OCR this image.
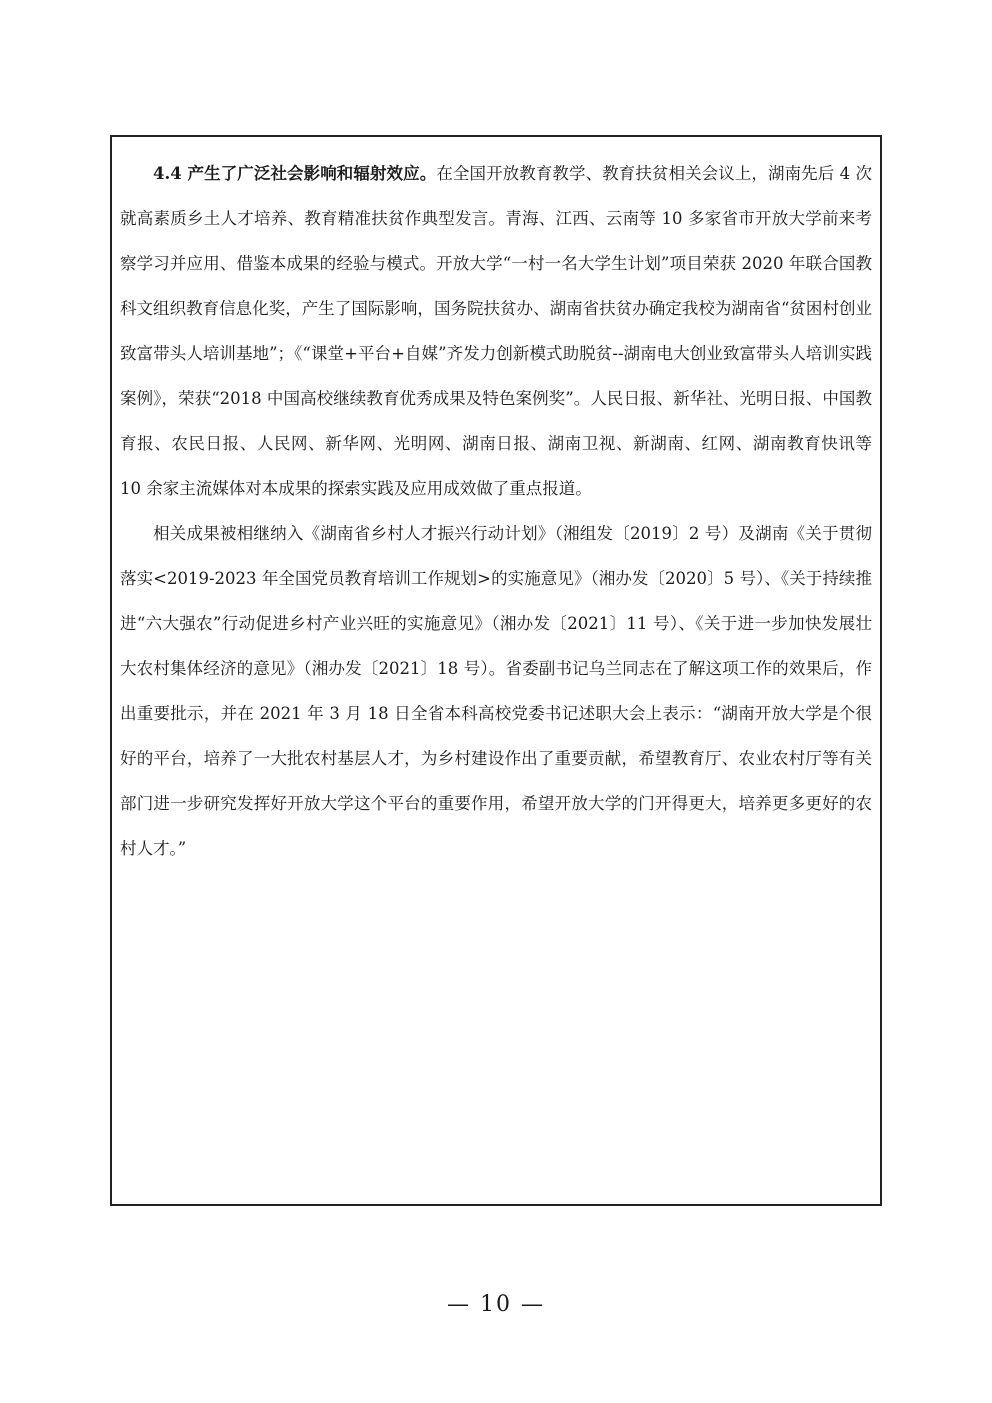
4.4 产生了广泛社会影响和辐射效应。在全国开放教育教学、教育扶贫相关会议上，湖南先后 4 次就高素质乡土人才培养、教育精准扶贫作典型发言。青海、江西、云南等 10 多家省市开放大学前来考察学习并应用、借鉴本成果的经验与模式。开放大学“一村一名大学生计划”项目荣获 2020 年联合国教科文组织教育信息化奖，产生了国际影响，国务院扶贫办、湖南省扶贫办确定我校为湖南省“贫困村创业致富带头人培训基地”；《“课堂+平台+自媒”齐发力创新模式助脱贫--湖南电大创业致富带头人培训实践案例》，荣获“2018 中国高校继续教育优秀成果及特色案例奖”。人民日报、新华社、光明日报、中国教育报、农民日报、人民网、新华网、光明网、湖南日报、湖南卫视、新湖南、红网、湖南教育快讯等 10 余家主流媒体对本成果的探索实践及应用成效做了重点报道。

相关成果被相继纳入《湖南省乡村人才振兴行动计划》（湘组发〔2019〕2 号）及湖南《关于贯彻落实<2019-2023 年全国党员教育培训工作规划>的实施意见》（湘办发〔2020〕5 号）、《关于持续推进“六大强农”行动促进乡村产业兴旺的实施意见》（湘办发〔2021〕11 号）、《关于进一步加快发展壮大农村集体经济的意见》（湘办发〔2021〕18 号）。省委副书记乌兰同志在了解这项工作的效果后，作出重要批示，并在 2021 年 3 月 18 日全省本科高校党委书记述职大会上表示：“湖南开放大学是个很好的平台，培养了一大批农村基层人才，为乡村建设作出了重要贡献，希望教育厅、农业农村厅等有关部门进一步研究发挥好开放大学这个平台的重要作用，希望开放大学的门开得更大，培养更多更好的农村人才。”

— 10 —
